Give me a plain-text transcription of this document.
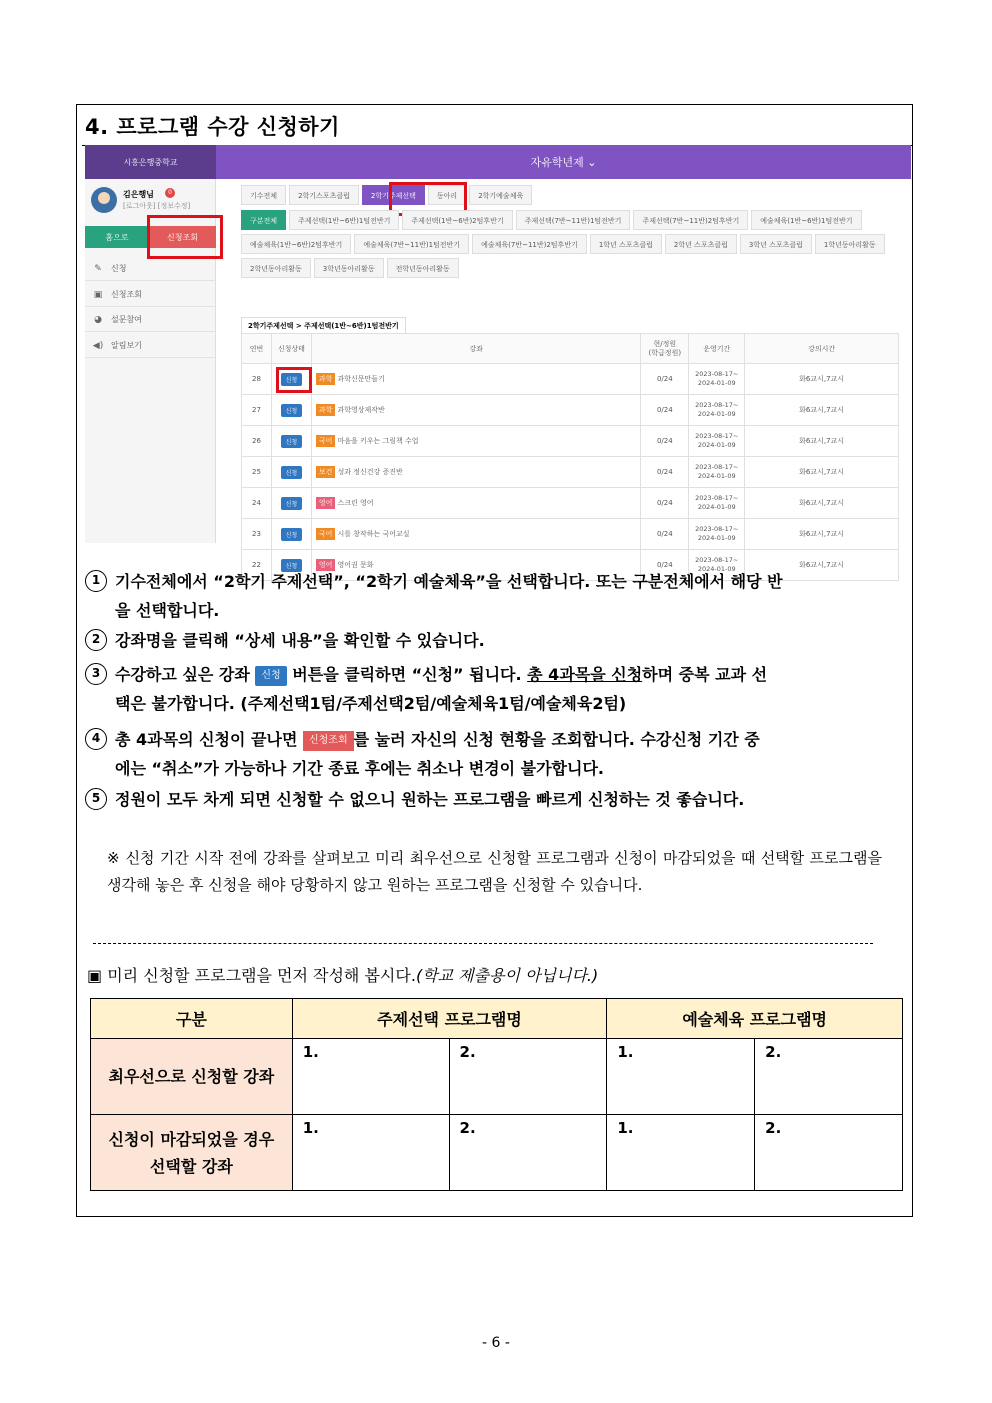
4. 프로그램 수강 신청하기
시흥은행중학교	자유학년제 ⌄
김은행님	0
[로그아웃] [정보수정]
홈으로	신청조회
✎	신청
▣	신청조회
◕	설문참여
◀) 알림보기
기수전체	2학기스포츠클럽	2학기주제선택	동아리	2학기예술체육
구분전체	주제선택(1반~6반)1텀전반기	주제선택(1반~6반)2텀후반기	주제선택(7반~11반)1텀전반기	주제선택(7반~11반)2텀후반기	예술체육(1반~6반)1텀전반기
예술체육(1반~6반)2텀후반기	예술체육(7반~11반)1텀전반기	예술체육(7반~11반)2텀후반기	1학년 스포츠클럽	2학년 스포츠클럽	3학년 스포츠클럽	1학년동아리활동
2학년동아리활동	3학년동아리활동	전학년동아리활동
2학기주제선택 > 주제선택(1반~6반)1텀전반기
연번	신청상태	강좌	현/정원
(학급정원)	운영기간	강의시간
28	신청	과학 과학신문만들기	0/24	2023-08-17~
2024-01-09	화6교시,7교시
27	신청	과학 과학영상제작반	0/24	2023-08-17~
2024-01-09	화6교시,7교시
26	신청	국어 마음을 키우는 그림책 수업	0/24	2023-08-17~
2024-01-09	화6교시,7교시
25	신청	보건 성과 정신건강 증진반	0/24	2023-08-17~
2024-01-09	화6교시,7교시
24	신청	영어 스크린 영어	0/24	2023-08-17~
2024-01-09	화6교시,7교시
23	신청	국어 시를 창작하는 국어교실	0/24	2023-08-17~
2024-01-09	화6교시,7교시
22	신청	영어 영어권 문화	0/24	2023-08-17~
2024-01-09	화6교시,7교시
1 기수전체에서 “2학기 주제선택”, “2학기 예술체육”을 선택합니다. 또는 구분전체에서 해당 반
을 선택합니다.
2 강좌명을 클릭해 “상세 내용”을 확인할 수 있습니다.
3 수강하고 싶은 강좌 신청 버튼을 클릭하면 “신청” 됩니다. 총 4과목을 신청하며 중복 교과 선
택은 불가합니다. (주제선택1텀/주제선택2텀/예술체육1텀/예술체육2텀)
4 총 4과목의 신청이 끝나면 신청조회 를 눌러 자신의 신청 현황을 조회합니다. 수강신청 기간 중
에는 “취소”가 가능하나 기간 종료 후에는 취소나 변경이 불가합니다.
5 정원이 모두 차게 되면 신청할 수 없으니 원하는 프로그램을 빠르게 신청하는 것 좋습니다.
※ 신청 기간 시작 전에 강좌를 살펴보고 미리 최우선으로 신청할 프로그램과 신청이 마감되었을 때 선택할 프로그램을 생각해 놓은 후 신청을 해야 당황하지 않고 원하는 프로그램을 신청할 수 있습니다.
▣ 미리 신청할 프로그램을 먼저 작성해 봅시다.(학교 제출용이 아닙니다.)
구분	주제선택 프로그램명		예술체육 프로그램명	
최우선으로 신청할 강좌	1.	2.	1.	2.

신청이 마감되었을 경우
선택할 강좌	1.	2.	1.	2.
- 6 -
